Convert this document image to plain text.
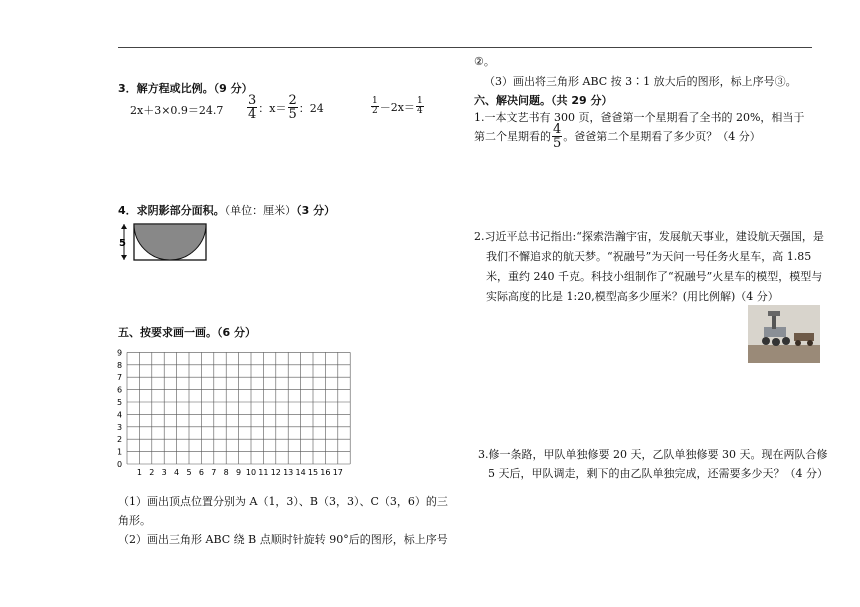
3．解方程或比例。（9 分）
$2x+3\times 0.9=24.7 \frac{3}{4}$ ：$x= \frac{2}{5}$ ：24	$\frac{1}{2} -2x= \frac{1}{4}$
4．求阴影部分面积。（单位：厘米）（3 分）
5
五、按要求画一画。（6 分）
9
8
7
6
5
4
3
2
1
0
1 2 3 4 5 6 7 8 9 10 11 12 13 14 15 16 17
（1）画出顶点位置分别为 A（1，3）、B（3，3）、C（3，6）的三角形。
（2）画出三角形 ABC 绕 B 点顺时针旋转 90°后的图形，标上序号
②。
（3）画出将三角形 ABC 按 3∶1 放大后的图形，标上序号③。
六、解决问题。（共 29 分）
1.一本文艺书有 300 页，爸爸第一个星期看了全书的 20%，相当于
第二个星期看的 $\frac{4}{5}$ 。爸爸第二个星期看了多少页？（4 分）
2.习近平总书记指出:“探索浩瀚宇宙，发展航天事业，建设航天强国，是我们不懈追求的航天梦。“祝融号”为天问一号任务火星车，高 1.85 米，重约 240 千克。科技小组制作了“祝融号”火星车的模型，模型与实际高度的比是 1:20,模型高多少厘米？(用比例解)（4 分）
3.修一条路，甲队单独修要 20 天，乙队单独修要 30 天。现在两队合修 5 天后，甲队调走，剩下的由乙队单独完成，还需要多少天？（4 分）
